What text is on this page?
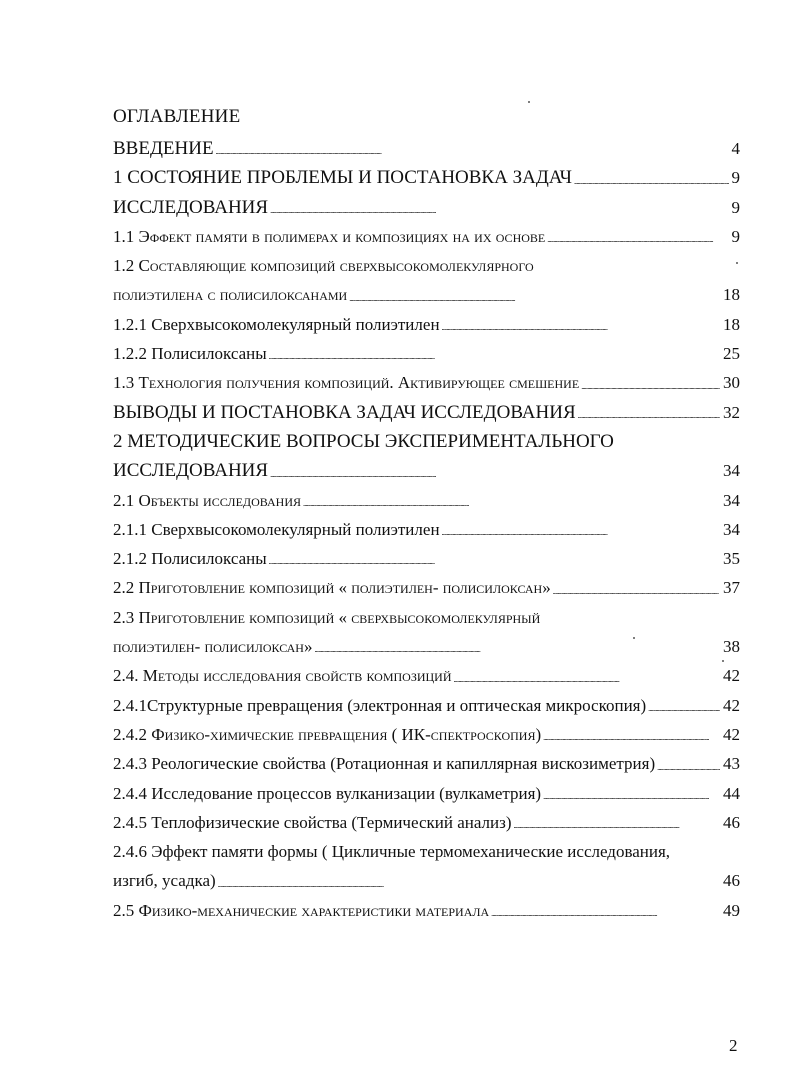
ОГЛАВЛЕНИЕ
ВВЕДЕНИЕ . . .	4
1 СОСТОЯНИЕ ПРОБЛЕМЫ И ПОСТАНОВКА ЗАДАЧ . . .	9
ИССЛЕДОВАНИЯ . . .	9
1.1 Эффект памяти в полимерах и композициях на их основе . . .	9
1.2 Составляющие композиций сверхвысокомолекулярного
полиэтилена с полисилоксанами . . .	18
1.2.1 Сверхвысокомолекулярный полиэтилен . . .	18
1.2.2 Полисилоксаны . . .	25
1.3 Технология получения композиций. Активирующее смешение . . .	30
ВЫВОДЫ И ПОСТАНОВКА ЗАДАЧ ИССЛЕДОВАНИЯ . . .	32
2 МЕТОДИЧЕСКИЕ ВОПРОСЫ ЭКСПЕРИМЕНТАЛЬНОГО
ИССЛЕДОВАНИЯ . . .	34
2.1 Объекты исследования . . .	34
2.1.1 Сверхвысокомолекулярный полиэтилен . . .	34
2.1.2 Полисилоксаны . . .	35
2.2 Приготовление композиций « полиэтилен- полисилоксан» . . .	37
2.3 Приготовление композиций « сверхвысокомолекулярный
полиэтилен- полисилоксан» . . .	38
2.4. Методы исследования свойств композиций . . .	42
2.4.1Структурные превращения (электронная и оптическая микроскопия) . . .	42
2.4.2 Физико-химические превращения ( ИК-спектроскопия) . . .	42
2.4.3 Реологические свойства (Ротационная и капиллярная вискозиметрия) . . .	43
2.4.4 Исследование процессов вулканизации (вулкаметрия) . . .	44
2.4.5 Теплофизические свойства (Термический анализ) . . .	46
2.4.6 Эффект памяти формы ( Цикличные термомеханические исследования,
изгиб, усадка) . . .	46
2.5 Физико-механические характеристики материала . . .	49
2
